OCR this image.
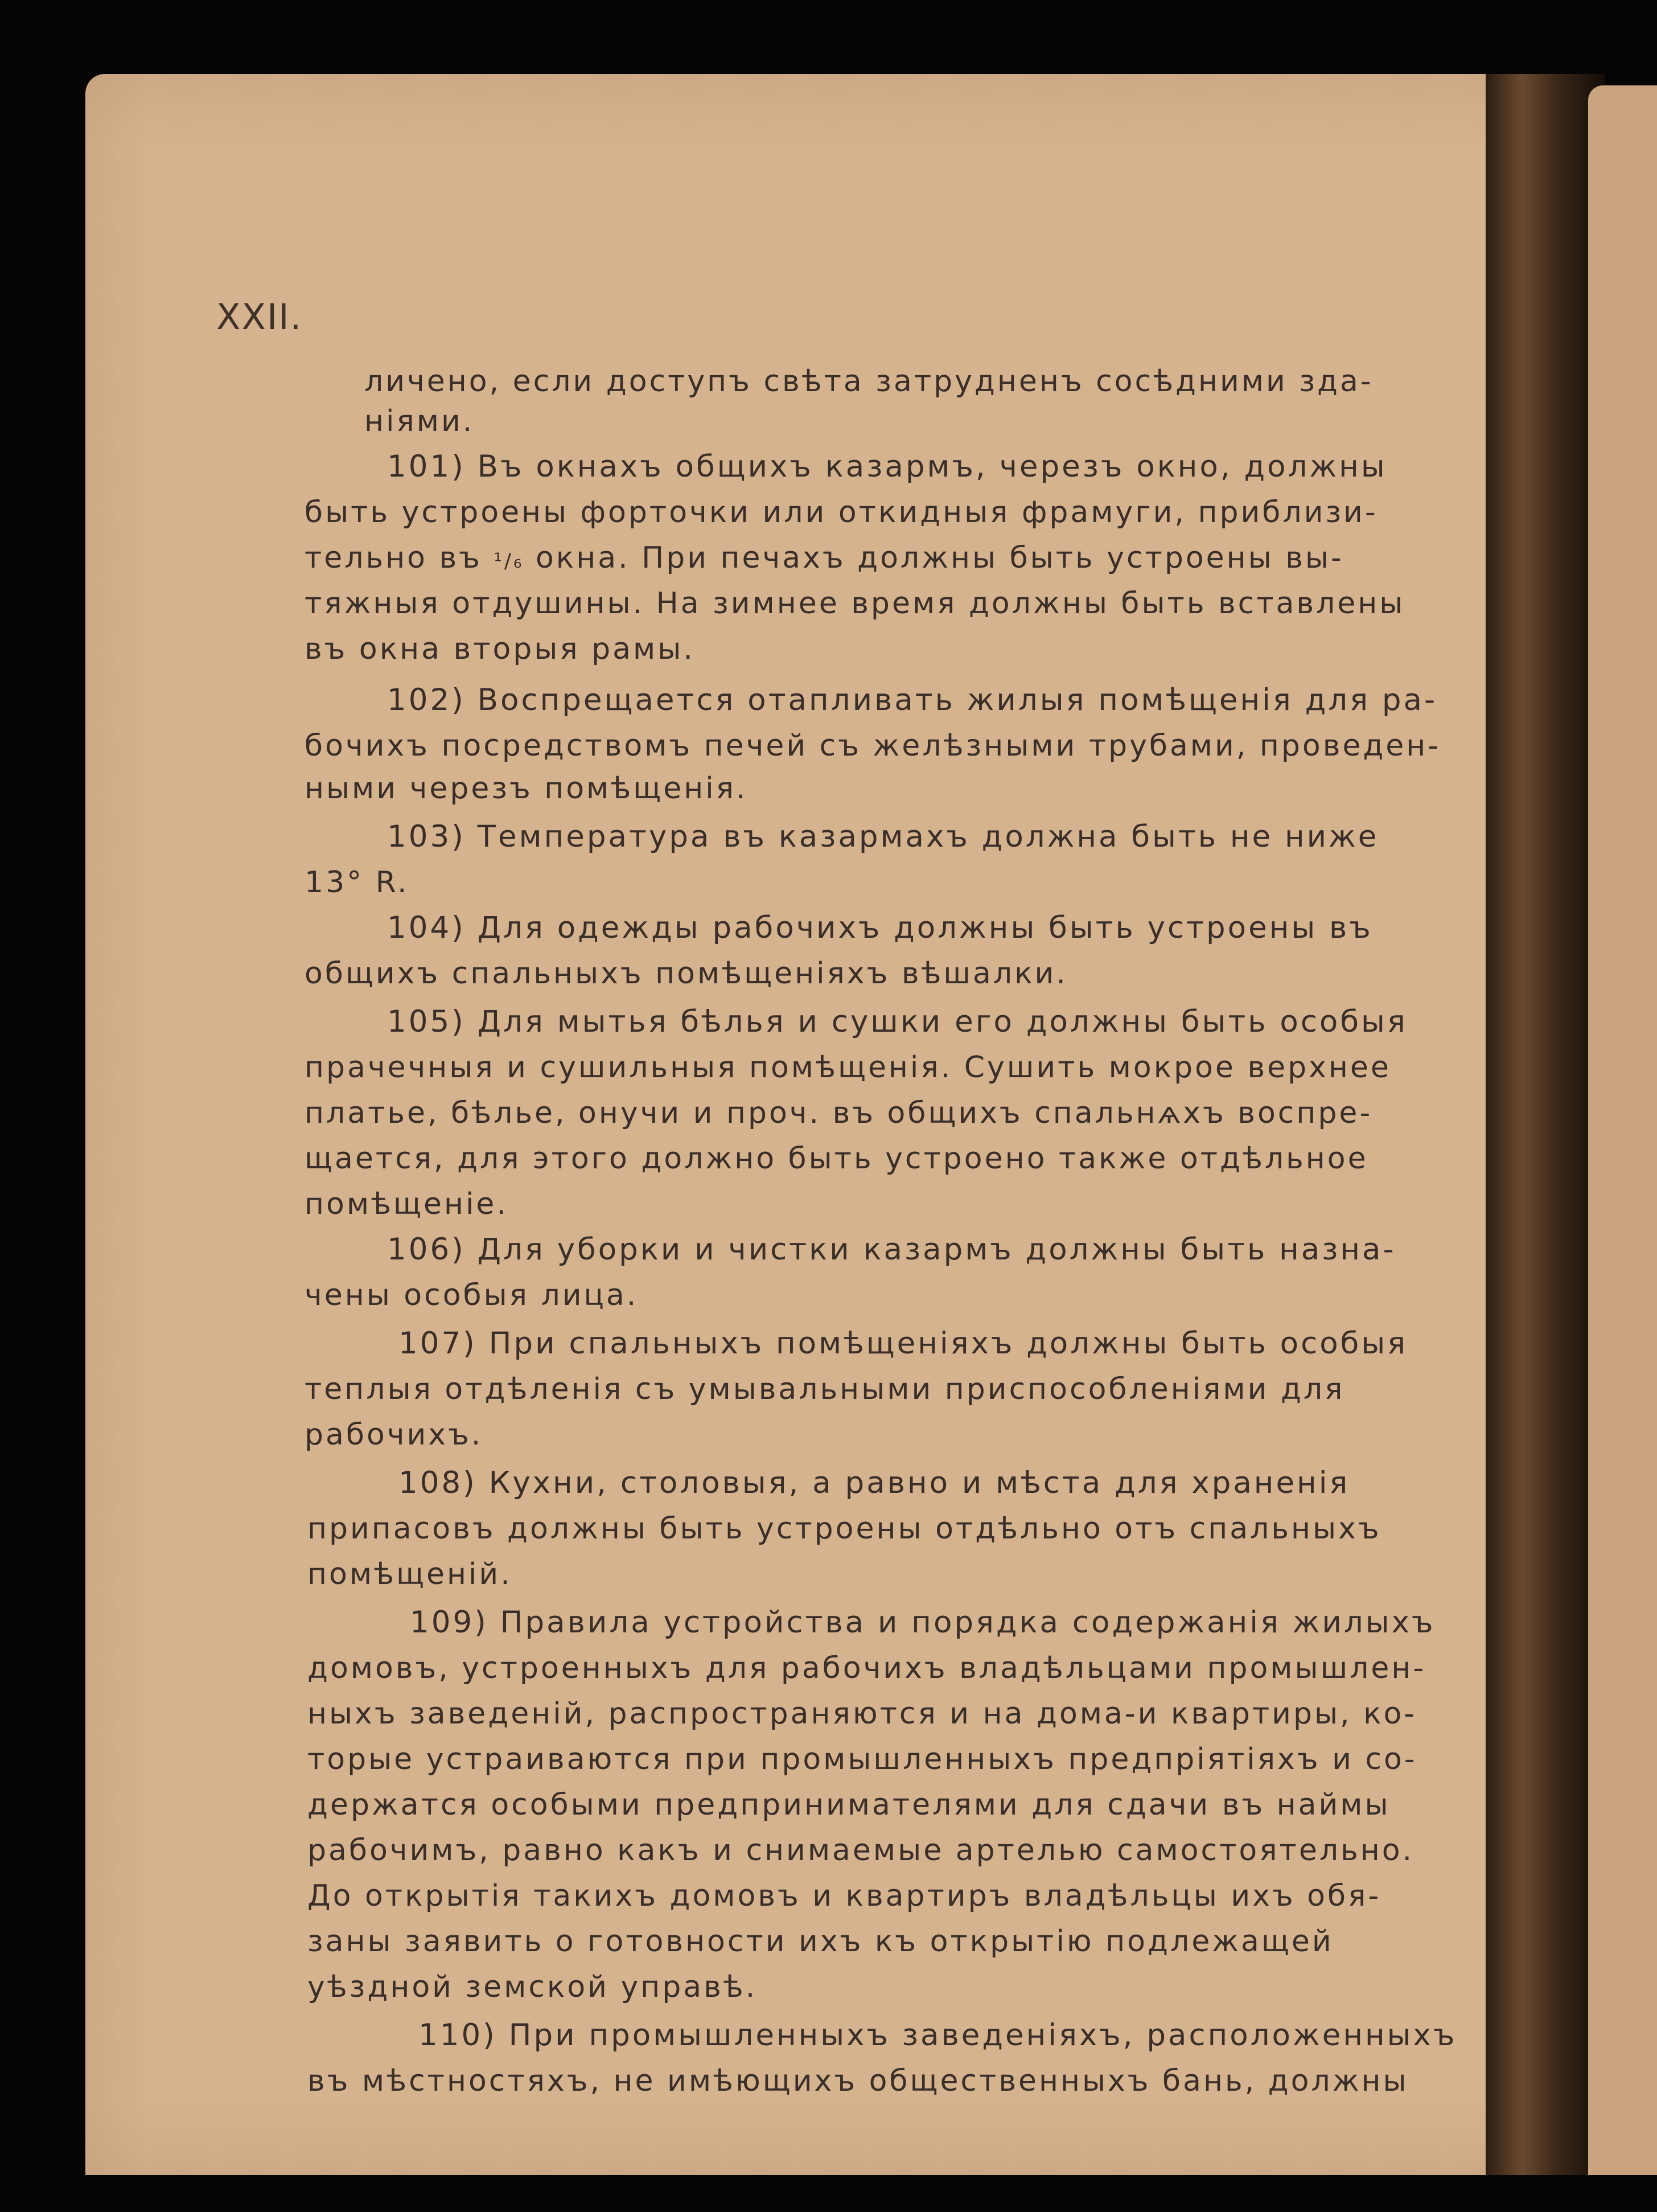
XXII.

личено, если доступъ свѣта затрудненъ сосѣдними зда-

ніями.

101) Въ окнахъ общихъ казармъ, черезъ окно, должны

быть устроены форточки или откидныя фрамуги, приблизи-

тельно въ ¹/₆ окна. При печахъ должны быть устроены вы-

тяжныя отдушины. На зимнее время должны быть вставлены

въ окна вторыя рамы.

102) Воспрещается отапливать жилыя помѣщенія для ра-

бочихъ посредствомъ печей съ желѣзными трубами, проведен-

ными черезъ помѣщенія.

103) Температура въ казармахъ должна быть не ниже

13° R.

104) Для одежды рабочихъ должны быть устроены въ

общихъ спальныхъ помѣщеніяхъ вѣшалки.

105) Для мытья бѣлья и сушки его должны быть особыя

прачечныя и сушильныя помѣщенія. Сушить мокрое верхнее

платье, бѣлье, онучи и проч. въ общихъ спальнѧхъ воспре-

щается, для этого должно быть устроено также отдѣльное

помѣщеніе.

106) Для уборки и чистки казармъ должны быть назна-

чены особыя лица.

107) При спальныхъ помѣщеніяхъ должны быть особыя

теплыя отдѣленія съ умывальными приспособленіями для

рабочихъ.

108) Кухни, столовыя, а равно и мѣста для храненія

припасовъ должны быть устроены отдѣльно отъ спальныхъ

помѣщеній.

109) Правила устройства и порядка содержанія жилыхъ

домовъ, устроенныхъ для рабочихъ владѣльцами промышлен-

ныхъ заведеній, распространяются и на дома-и квартиры, ко-

торые устраиваются при промышленныхъ предпріятіяхъ и со-

держатся особыми предпринимателями для сдачи въ наймы

рабочимъ, равно какъ и снимаемые артелью самостоятельно.

До открытія такихъ домовъ и квартиръ владѣльцы ихъ обя-

заны заявить о готовности ихъ къ открытію подлежащей

уѣздной земской управѣ.

110) При промышленныхъ заведеніяхъ, расположенныхъ

въ мѣстностяхъ, не имѣющихъ общественныхъ бань, должны
